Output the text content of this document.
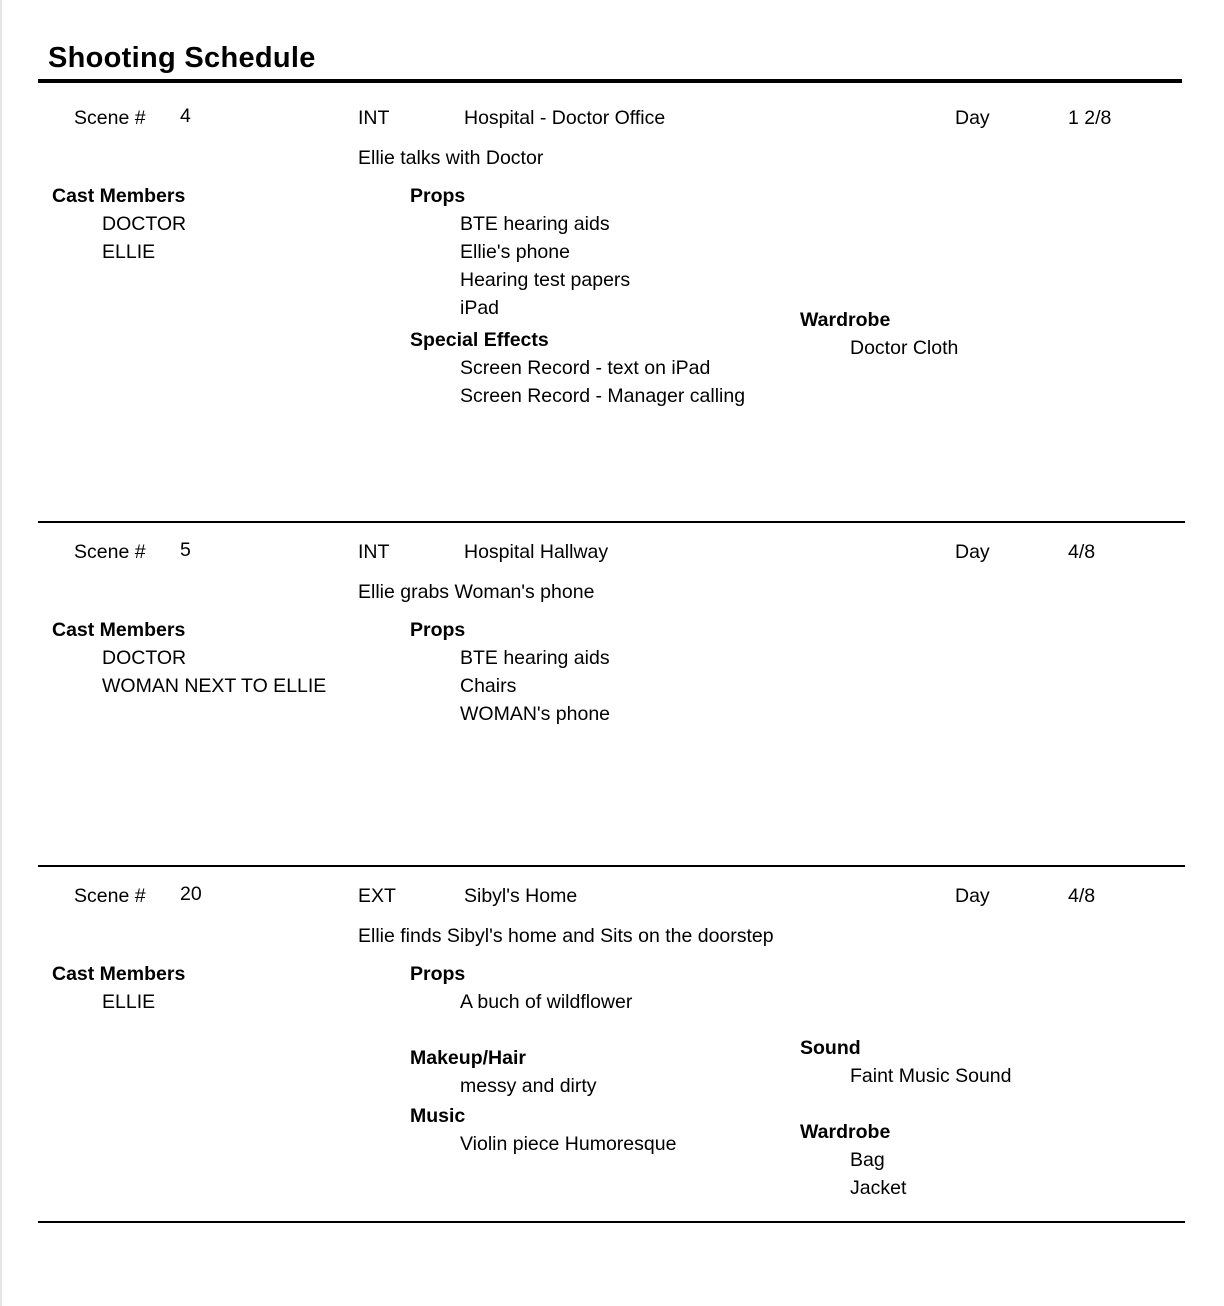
Shooting Schedule
Scene # 4	INT	Hospital - Doctor Office	Day	1 2/8
Ellie talks with Doctor
Cast Members
DOCTOR
ELLIE
Props
BTE hearing aids
Ellie's phone
Hearing test papers
iPad
Special Effects
Screen Record - text on iPad
Screen Record - Manager calling
Wardrobe
Doctor Cloth
Scene # 5	INT	Hospital Hallway	Day	4/8
Ellie grabs Woman's phone
Cast Members
DOCTOR
WOMAN NEXT TO ELLIE
Props
BTE hearing aids
Chairs
WOMAN's phone
Scene # 20	EXT	Sibyl's Home	Day	4/8
Ellie finds Sibyl's home and Sits on the doorstep
Cast Members
ELLIE
Props
A buch of wildflower
Makeup/Hair
messy and dirty
Music
Violin piece Humoresque
Sound
Faint Music Sound
Wardrobe
Bag
Jacket
